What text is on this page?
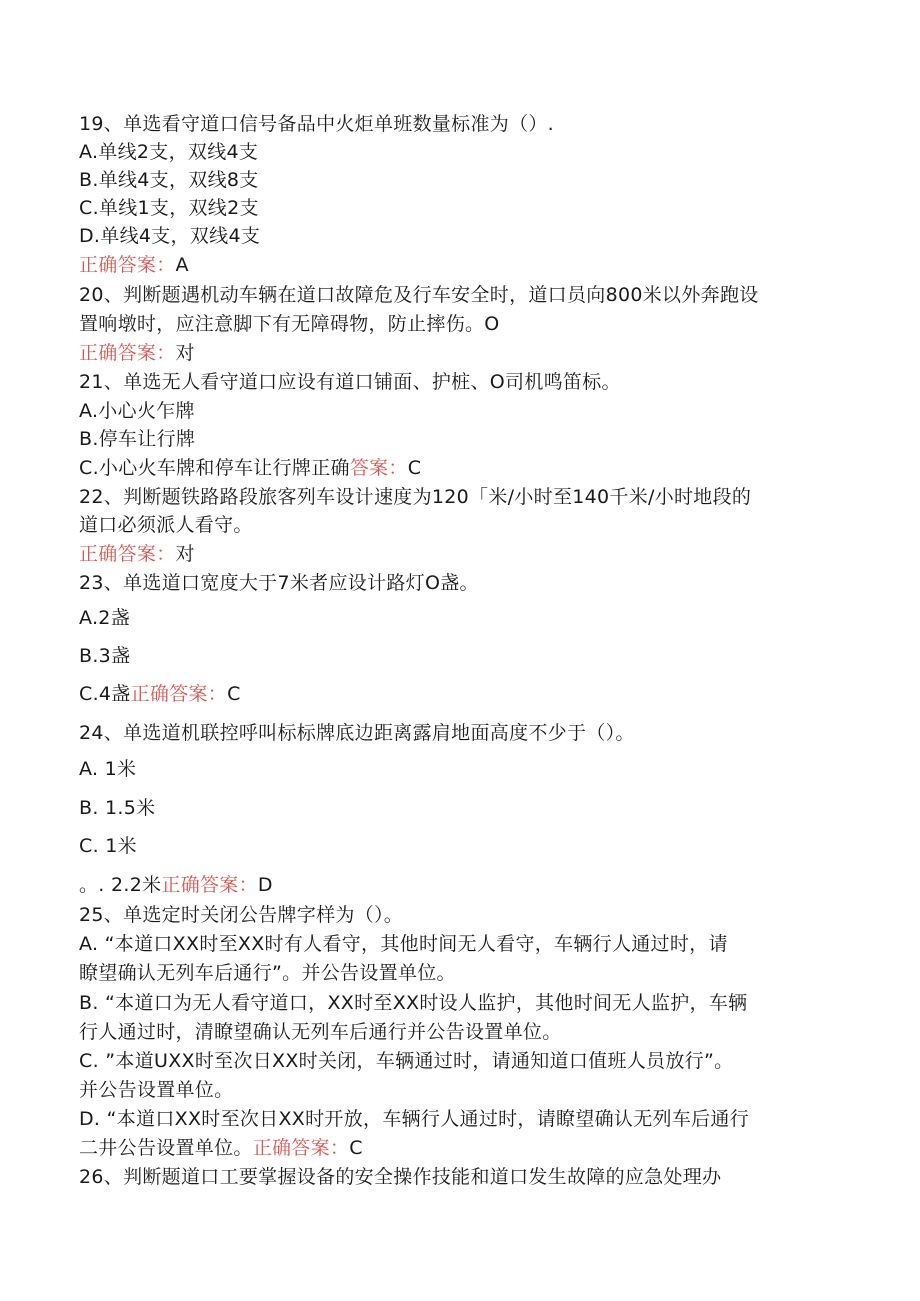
19、单选看守道口信号备品中火炬单班数量标准为（）.
A.单线2支，双线4支
B.单线4支，双线8支
C.单线1支，双线2支
D.单线4支，双线4支
正确答案：A
20、判断题遇机动车辆在道口故障危及行车安全时，道口员向800米以外奔跑设
置响墩时，应注意脚下有无障碍物，防止摔伤。O
正确答案：对
21、单选无人看守道口应设有道口铺面、护桩、O司机鸣笛标。
A.小心火乍牌
B.停车让行牌
C.小心火车牌和停车让行牌正确答案：C
22、判断题铁路路段旅客列车设计速度为120「米/小时至140千米/小时地段的
道口必须派人看守。
正确答案：对
23、单选道口宽度大于7米者应设计路灯O盏。
A.2盏
B.3盏
C.4盏正确答案：C
24、单选道机联控呼叫标标牌底边距离露肩地面高度不少于（）。
A. 1米
B. 1.5米
C. 1米
。. 2.2米正确答案：D
25、单选定时关闭公告牌字样为（）。
A. “本道口XX时至XX时有人看守，其他时间无人看守，车辆行人通过时，请
瞭望确认无列车后通行”。并公告设置单位。
B. “本道口为无人看守道口，XX时至XX时设人监护，其他时间无人监护，车辆
行人通过时，清瞭望确认无列车后通行并公告设置单位。
C. ”本道UXX时至次日XX时关闭，车辆通过时，请通知道口值班人员放行”。
并公告设置单位。
D. “本道口XX时至次日XX时开放，车辆行人通过时，请瞭望确认无列车后通行
二井公告设置单位。正确答案：C
26、判断题道口工要掌握设备的安全操作技能和道口发生故障的应急处理办
